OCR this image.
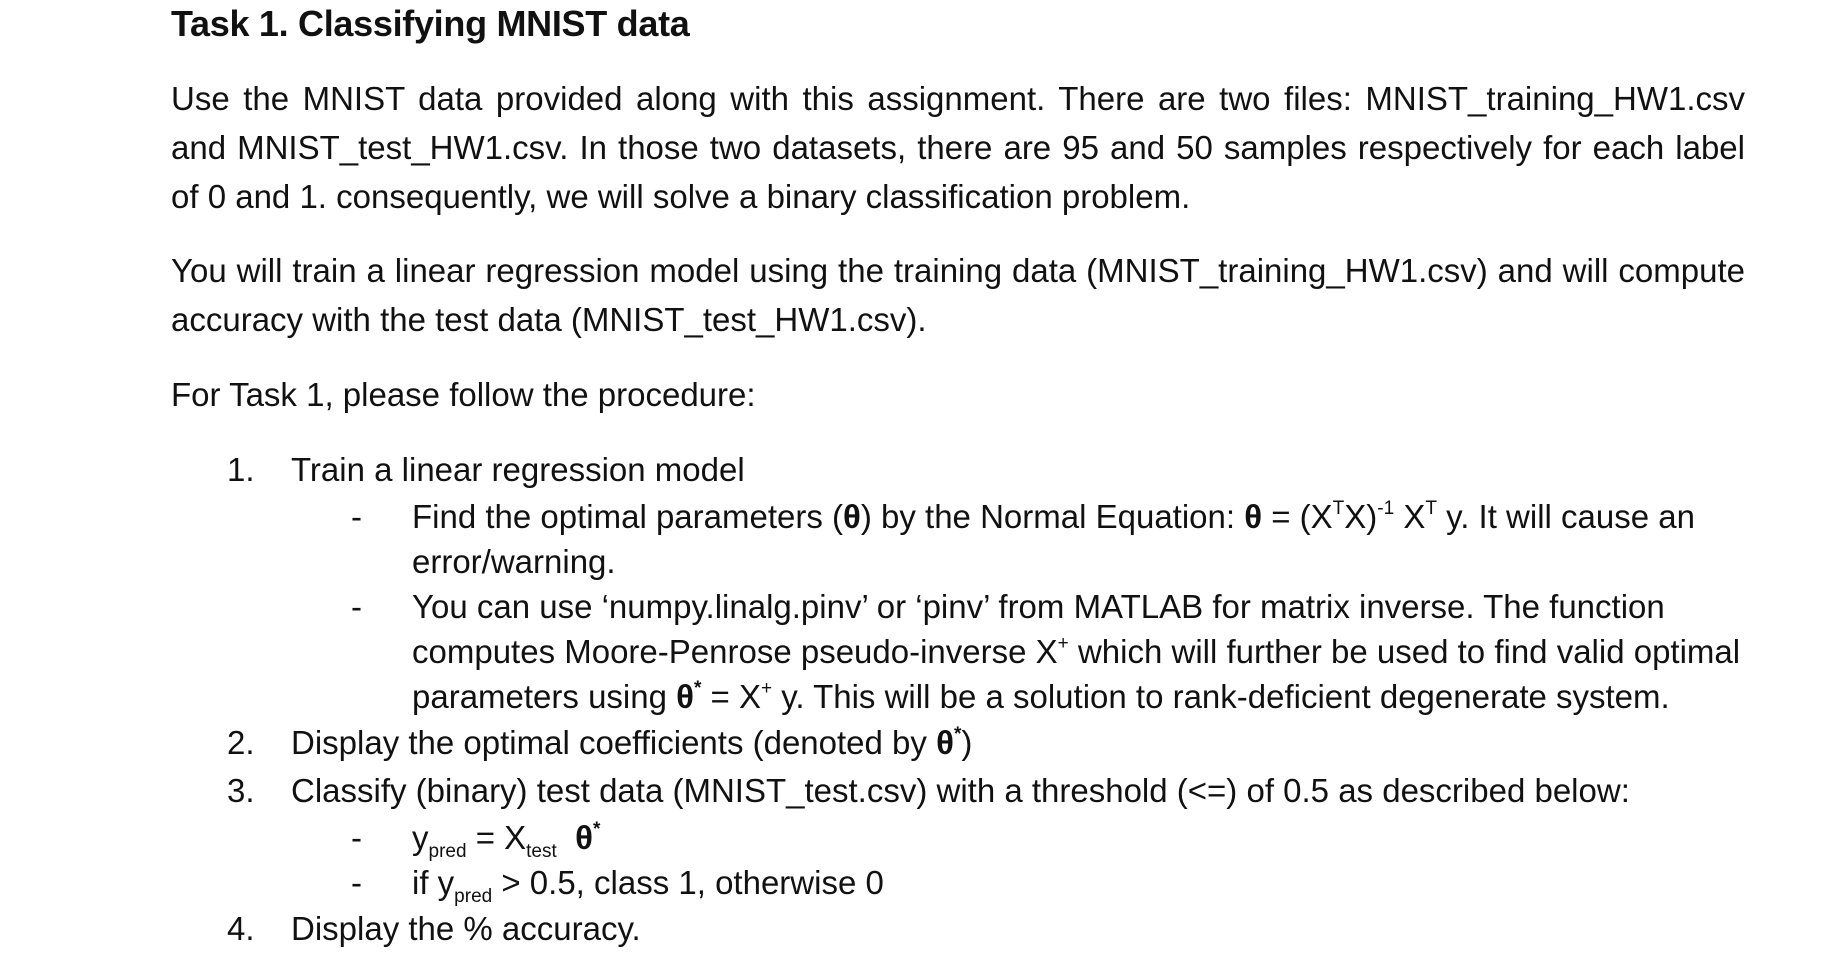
Task 1. Classifying MNIST data

Use the MNIST data provided along with this assignment. There are two files: MNIST_training_HW1.csv and MNIST_test_HW1.csv. In those two datasets, there are 95 and 50 samples respectively for each label of 0 and 1. consequently, we will solve a binary classification problem.

You will train a linear regression model using the training data (MNIST_training_HW1.csv) and will compute accuracy with the test data (MNIST_test_HW1.csv).

For Task 1, please follow the procedure:

1. Train a linear regression model
- Find the optimal parameters (θ) by the Normal Equation: $\theta = (X^TX)^{-1}$ $X^T$ y. It will cause an error/warning.
- You can use ‘numpy.linalg.pinv’ or ‘pinv’ from MATLAB for matrix inverse. The function computes Moore-Penrose pseudo-inverse X+ which will further be used to find valid optimal parameters using θ* = X+ y. This will be a solution to rank-deficient degenerate system.
2. Display the optimal coefficients (denoted by θ*)
3. Classify (binary) test data (MNIST_test.csv) with a threshold (<=) of 0.5 as described below:
- $y_{pred} = X_{test}$ θ*
- if $y_{pred} > 0.5$, class 1, otherwise 0
4. Display the % accuracy.
